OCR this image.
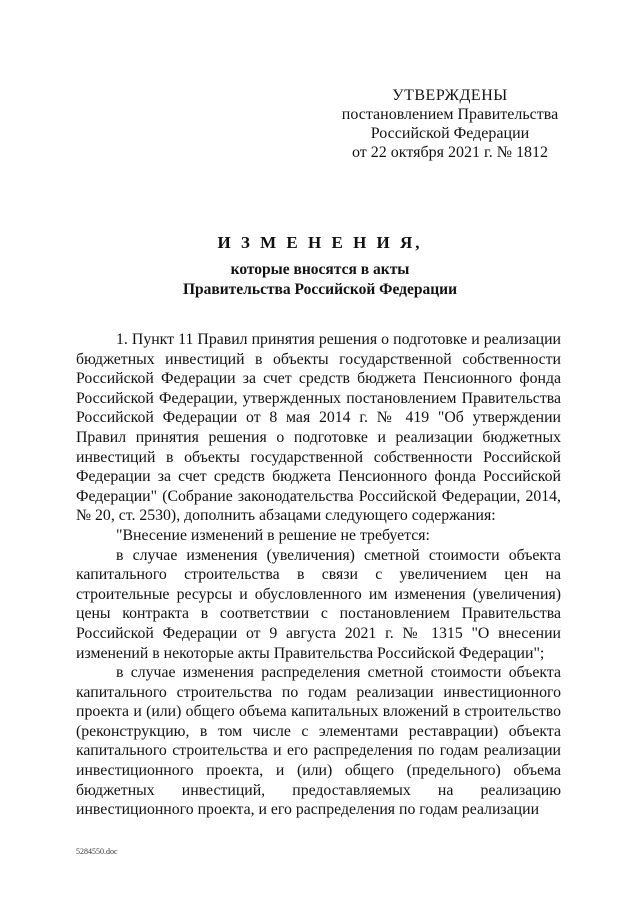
УТВЕРЖДЕНЫ
постановлением Правительства
Российской Федерации
от 22 октября 2021 г. № 1812
И З М Е Н Е Н И Я,
которые вносятся в акты
Правительства Российской Федерации

1. Пункт 11 Правил принятия решения о подготовке и реализации бюджетных инвестиций в объекты государственной собственности Российской Федерации за счет средств бюджета Пенсионного фонда Российской Федерации, утвержденных постановлением Правительства Российской Федерации от 8 мая 2014 г. № 419 "Об утверждении Правил принятия решения о подготовке и реализации бюджетных инвестиций в объекты государственной собственности Российской Федерации за счет средств бюджета Пенсионного фонда Российской Федерации" (Собрание законодательства Российской Федерации, 2014, № 20, ст. 2530), дополнить абзацами следующего содержания:

"Внесение изменений в решение не требуется:

в случае изменения (увеличения) сметной стоимости объекта капитального строительства в связи с увеличением цен на строительные ресурсы и обусловленного им изменения (увеличения) цены контракта в соответствии с постановлением Правительства Российской Федерации от 9 августа 2021 г. № 1315 "О внесении изменений в некоторые акты Правительства Российской Федерации";

в случае изменения распределения сметной стоимости объекта капитального строительства по годам реализации инвестиционного проекта и (или) общего объема капитальных вложений в строительство (реконструкцию, в том числе с элементами реставрации) объекта капитального строительства и его распределения по годам реализации инвестиционного проекта, и (или) общего (предельного) объема бюджетных инвестиций, предоставляемых на реализацию инвестиционного проекта, и его распределения по годам реализации

5284550.doc
